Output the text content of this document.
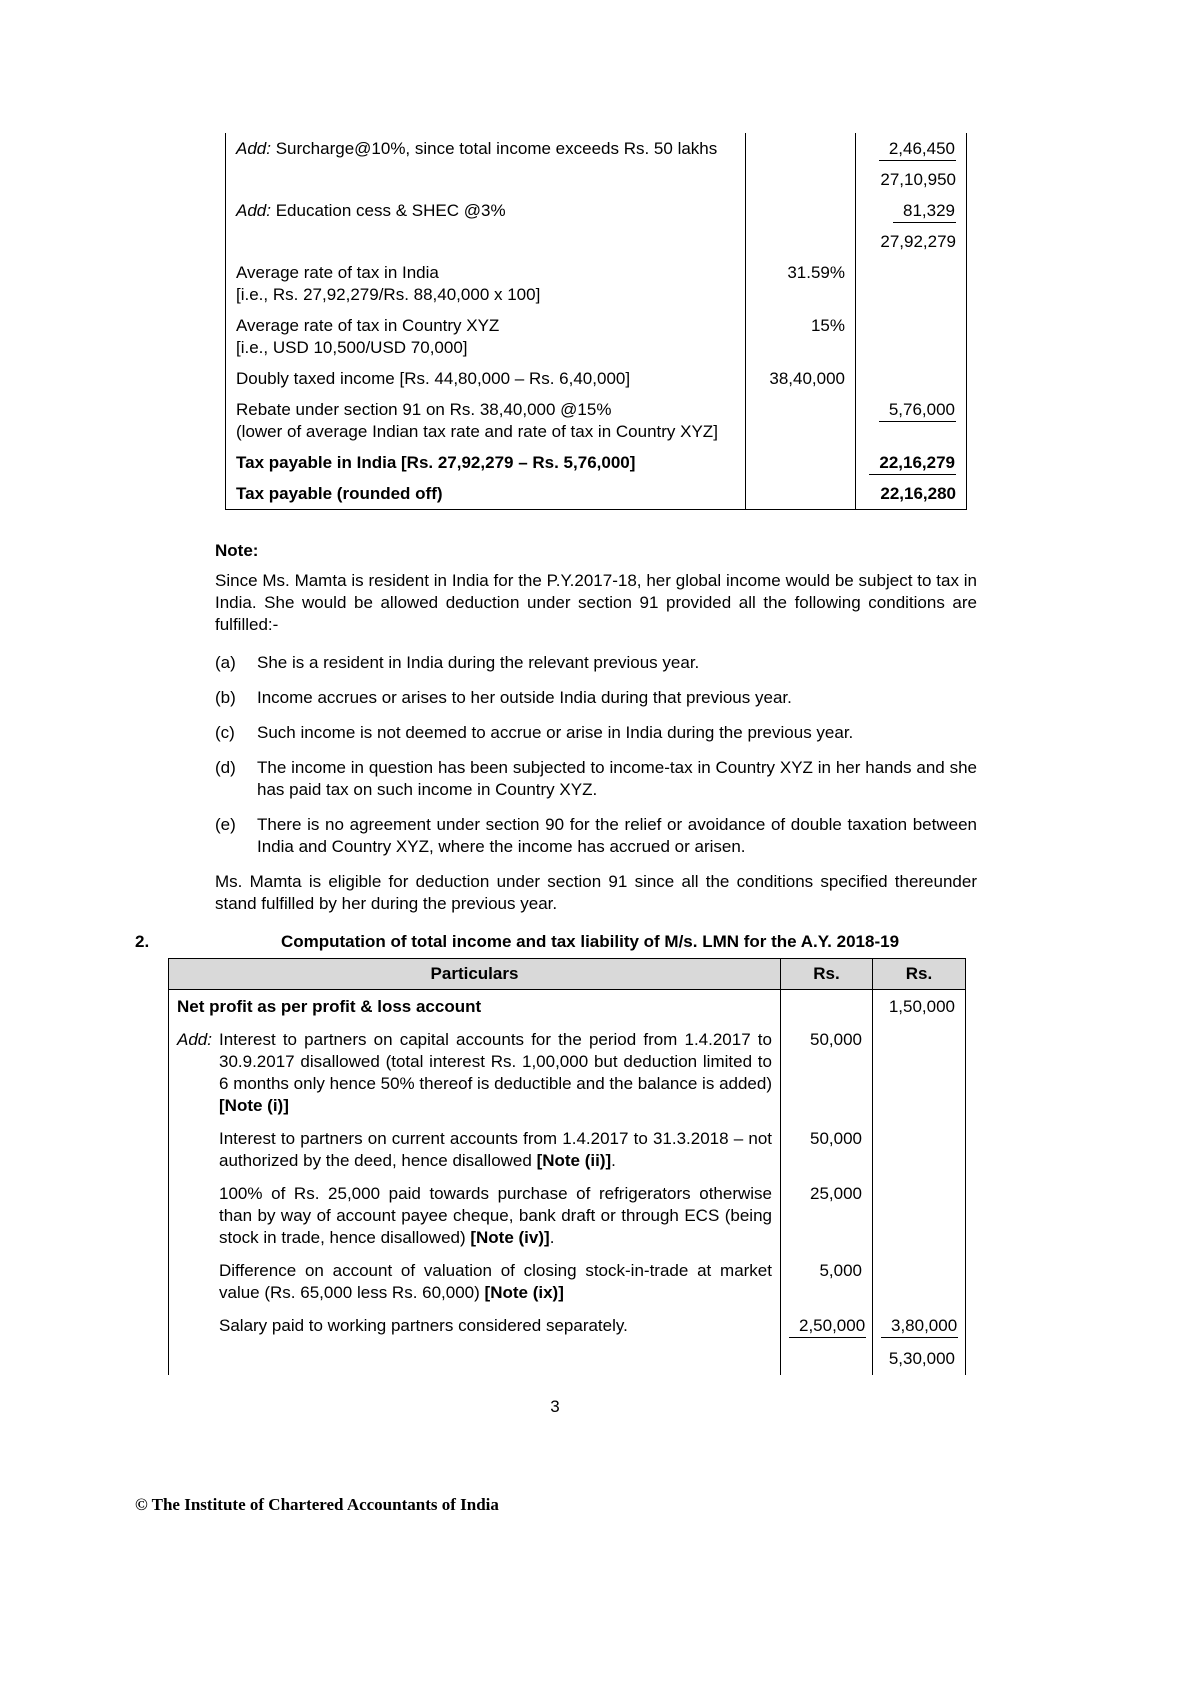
Add: Surcharge@10%, since total income exceeds Rs. 50 lakhs		2,46,450
		27,10,950
Add: Education cess & SHEC @3%		81,329
		27,92,279

Average rate of tax in India
[i.e., Rs. 27,92,279/Rs. 88,40,000 x 100]	31.59%	

Average rate of tax in Country XYZ
[i.e., USD 10,500/USD 70,000]	15%	
Doubly taxed income [Rs. 44,80,000 – Rs. 6,40,000]	38,40,000	

Rebate under section 91 on Rs. 38,40,000 @15%
(lower of average Indian tax rate and rate of tax in Country XYZ]		5,76,000
Tax payable in India [Rs. 27,92,279 – Rs. 5,76,000]		22,16,279
Tax payable (rounded off)		22,16,280
Note:

Since Ms. Mamta is resident in India for the P.Y.2017-18, her global income would be subject to tax in India. She would be allowed deduction under section 91 provided all the following conditions are fulfilled:-

(a)	She is a resident in India during the relevant previous year.
(b)	Income accrues or arises to her outside India during that previous year.
(c)	Such income is not deemed to accrue or arise in India during the previous year.
(d)	The income in question has been subjected to income-tax in Country XYZ in her hands and she has paid tax on such income in Country XYZ.
(e)	There is no agreement under section 90 for the relief or avoidance of double taxation between India and Country XYZ, where the income has accrued or arisen.

Ms. Mamta is eligible for deduction under section 91 since all the conditions specified thereunder stand fulfilled by her during the previous year.

2.	Computation of total income and tax liability of M/s. LMN for the A.Y. 2018-19
Particulars	Rs.	Rs.
Net profit as per profit & loss account		1,50,000

Add: Interest to partners on capital accounts for the period from 1.4.2017 to 30.9.2017 disallowed (total interest Rs. 1,00,000 but deduction limited to 6 months only hence 50% thereof is deductible and the balance is added) [Note (i)]	50,000	

Interest to partners on current accounts from 1.4.2017 to 31.3.2018 – not authorized by the deed, hence disallowed [Note (ii)].	50,000	

100% of Rs. 25,000 paid towards purchase of refrigerators otherwise than by way of account payee cheque, bank draft or through ECS (being stock in trade, hence disallowed) [Note (iv)].	25,000	

Difference on account of valuation of closing stock-in-trade at market value (Rs. 65,000 less Rs. 60,000) [Note (ix)]	5,000	

Salary paid to working partners considered separately.	2,50,000	3,80,000
		5,30,000
3
© The Institute of Chartered Accountants of India
